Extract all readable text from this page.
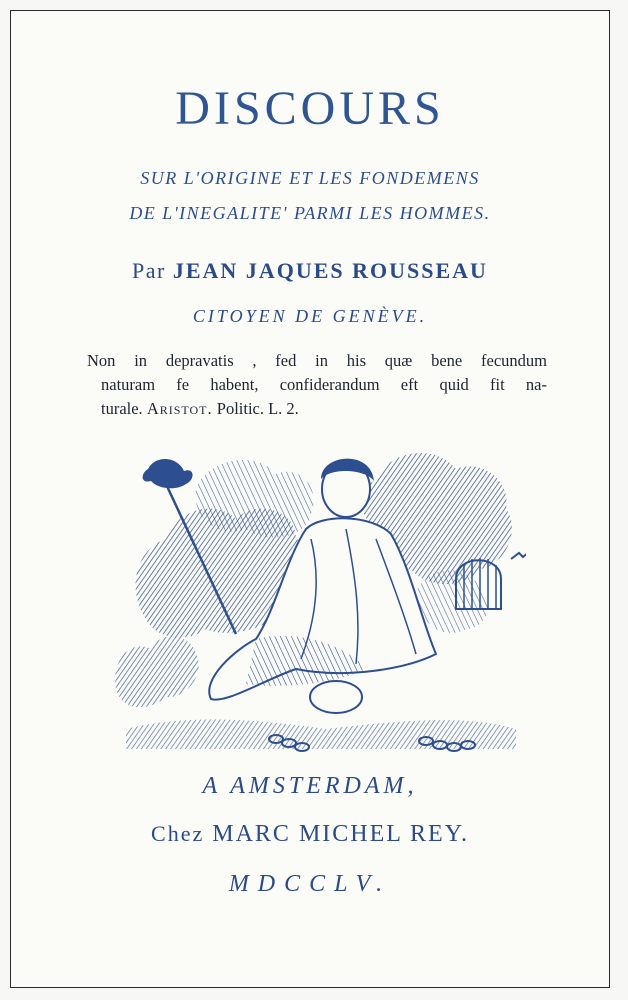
DISCOURS
SUR L'ORIGINE ET LES FONDEMENS
DE L'INEGALITE' PARMI LES HOMMES.
Par JEAN JAQUES ROUSSEAU
CITOYEN DE GENÈVE.
Non in depravatis , fed in his quæ bene fecundum
naturam fe habent, confiderandum eft quid fit na-
turale. Aristot. Politic. L. 2.
A AMSTERDAM,
Chez MARC MICHEL REY.
MDCCLV.
